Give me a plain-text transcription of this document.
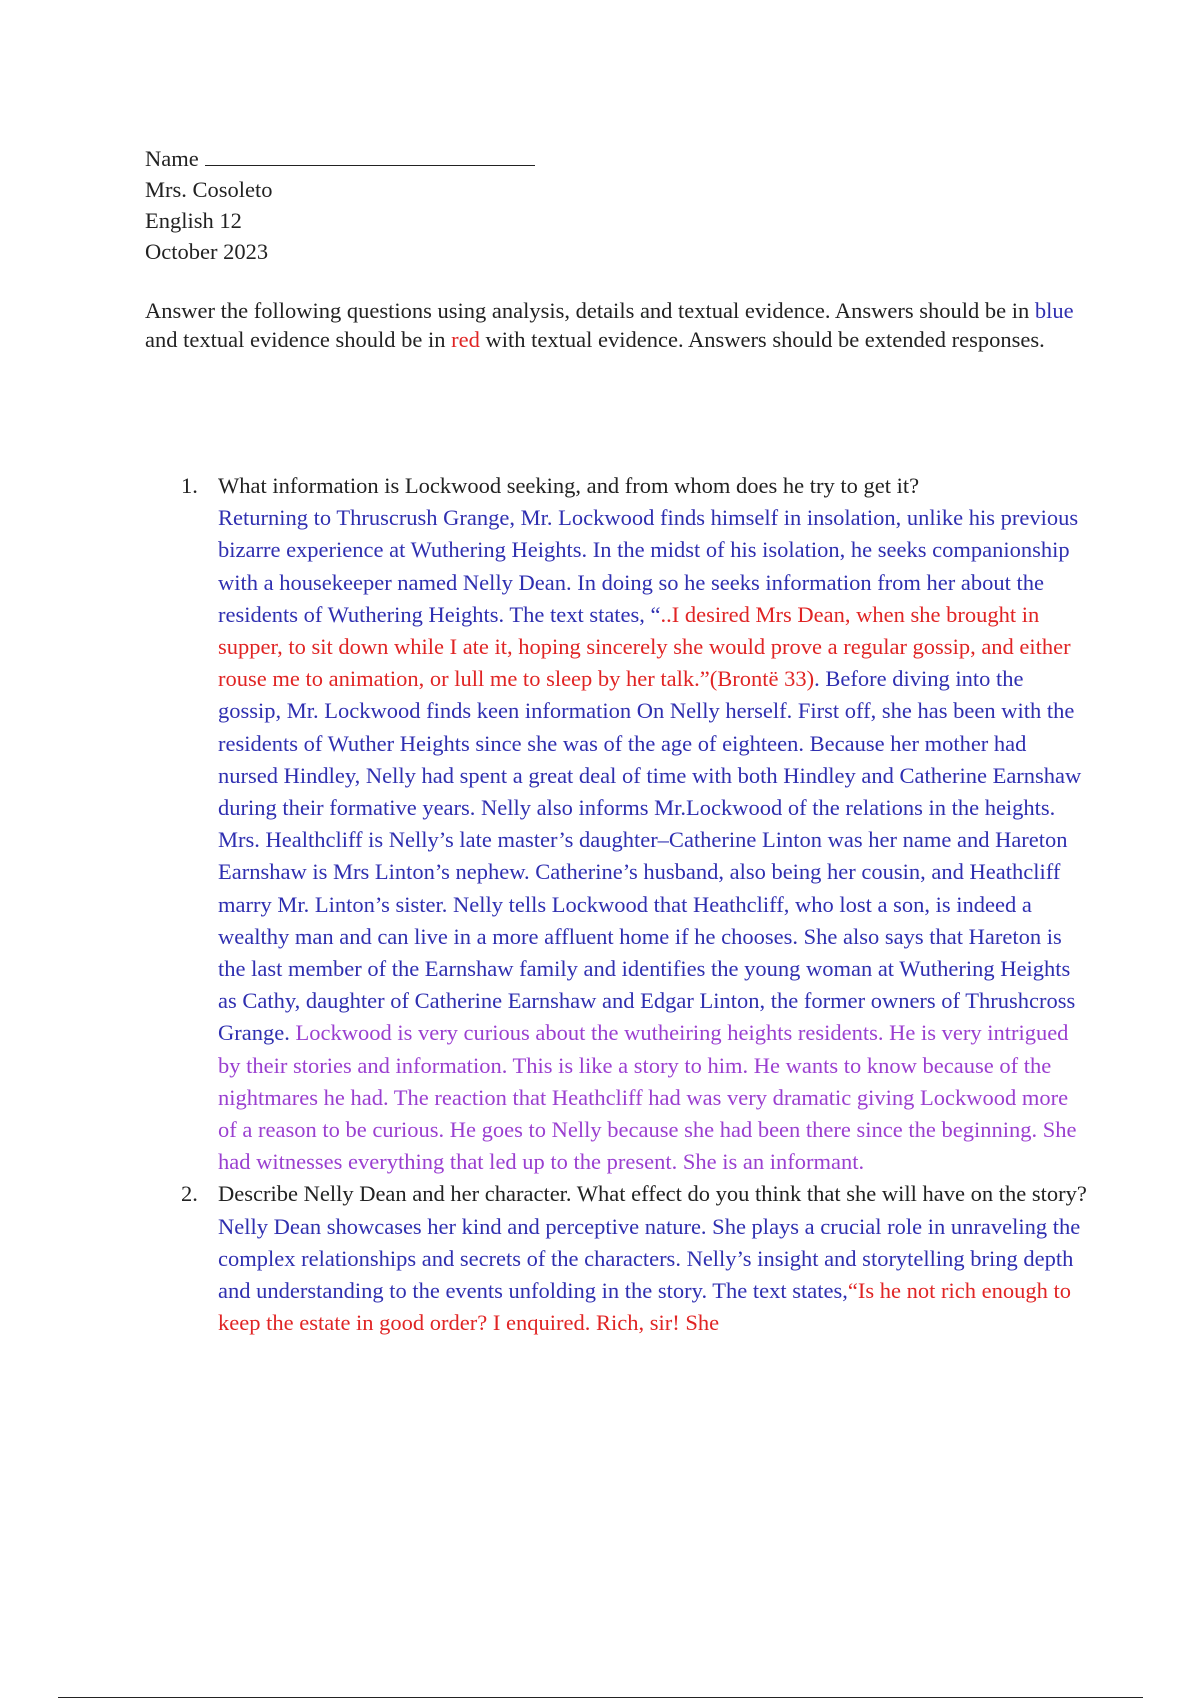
Name
Mrs. Cosoleto
English 12
October 2023
Answer the following questions using analysis, details and textual evidence. Answers should be in blue and textual evidence should be in red with textual evidence. Answers should be extended responses.
1. What information is Lockwood seeking, and from whom does he try to get it?
Returning to Thruscrush Grange, Mr. Lockwood finds himself in insolation, unlike his previous bizarre experience at Wuthering Heights. In the midst of his isolation, he seeks companionship with a housekeeper named Nelly Dean. In doing so he seeks information from her about the residents of Wuthering Heights. The text states, “..I desired Mrs Dean, when she brought in supper, to sit down while I ate it, hoping sincerely she would prove a regular gossip, and either rouse me to animation, or lull me to sleep by her talk.”(Brontë 33). Before diving into the gossip, Mr. Lockwood finds keen information On Nelly herself. First off, she has been with the residents of Wuther Heights since she was of the age of eighteen. Because her mother had nursed Hindley, Nelly had spent a great deal of time with both Hindley and Catherine Earnshaw during their formative years. Nelly also informs Mr.Lockwood of the relations in the heights. Mrs. Healthcliff is Nelly’s late master’s daughter–Catherine Linton was her name and Hareton Earnshaw is Mrs Linton’s nephew. Catherine’s husband, also being her cousin, and Heathcliff marry Mr. Linton’s sister. Nelly tells Lockwood that Heathcliff, who lost a son, is indeed a wealthy man and can live in a more affluent home if he chooses. She also says that Hareton is the last member of the Earnshaw family and identifies the young woman at Wuthering Heights as Cathy, daughter of Catherine Earnshaw and Edgar Linton, the former owners of Thrushcross Grange. Lockwood is very curious about the wutheiring heights residents. He is very intrigued by their stories and information. This is like a story to him. He wants to know because of the nightmares he had. The reaction that Heathcliff had was very dramatic giving Lockwood more of a reason to be curious. He goes to Nelly because she had been there since the beginning. She had witnesses everything that led up to the present. She is an informant.
2. Describe Nelly Dean and her character. What effect do you think that she will have on the story?
Nelly Dean showcases her kind and perceptive nature. She plays a crucial role in unraveling the complex relationships and secrets of the characters. Nelly’s insight and storytelling bring depth and understanding to the events unfolding in the story. The text states,“Is he not rich enough to keep the estate in good order? I enquired. Rich, sir! She
